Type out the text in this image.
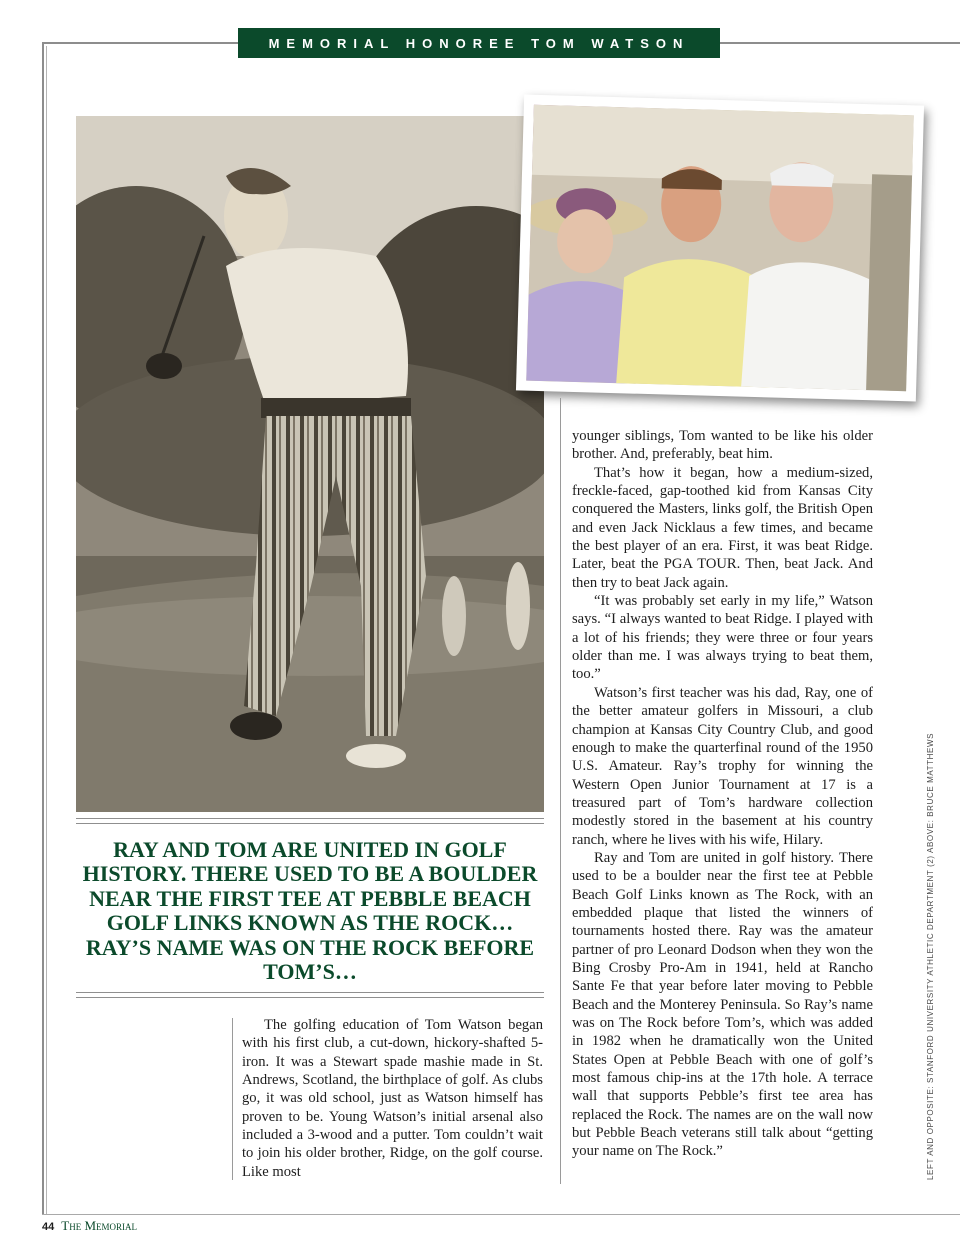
MEMORIAL HONOREE TOM WATSON

RAY AND TOM ARE UNITED IN GOLF HISTORY. THERE USED TO BE A BOULDER NEAR THE FIRST TEE AT PEBBLE BEACH GOLF LINKS KNOWN AS THE ROCK… RAY’S NAME WAS ON THE ROCK BEFORE TOM’S…

The golfing education of Tom Watson began with his first club, a cut-down, hickory-shafted 5-iron. It was a Stewart spade mashie made in St. Andrews, Scotland, the birthplace of golf. As clubs go, it was old school, just as Watson himself has proven to be. Young Watson’s initial arsenal also included a 3-wood and a putter. Tom couldn’t wait to join his older brother, Ridge, on the golf course. Like most

younger siblings, Tom wanted to be like his older brother. And, preferably, beat him.
That’s how it began, how a medium-sized, freckle-faced, gap-toothed kid from Kansas City conquered the Masters, links golf, the British Open and even Jack Nicklaus a few times, and became the best player of an era. First, it was beat Ridge. Later, beat the PGA TOUR. Then, beat Jack. And then try to beat Jack again.
“It was probably set early in my life,” Watson says. “I always wanted to beat Ridge. I played with a lot of his friends; they were three or four years older than me. I was always trying to beat them, too.”
Watson’s first teacher was his dad, Ray, one of the better amateur golfers in Missouri, a club champion at Kansas City Country Club, and good enough to make the quarterfinal round of the 1950 U.S. Amateur. Ray’s trophy for winning the Western Open Junior Tournament at 17 is a treasured part of Tom’s hardware collection modestly stored in the basement at his country ranch, where he lives with his wife, Hilary.
Ray and Tom are united in golf history. There used to be a boulder near the first tee at Pebble Beach Golf Links known as The Rock, with an embedded plaque that listed the winners of tournaments hosted there. Ray was the amateur partner of pro Leonard Dodson when they won the Bing Crosby Pro-Am in 1941, held at Rancho Sante Fe that year before later moving to Pebble Beach and the Monterey Peninsula. So Ray’s name was on The Rock before Tom’s, which was added in 1982 when he dramatically won the United States Open at Pebble Beach with one of golf’s most famous chip-ins at the 17th hole. A terrace wall that supports Pebble’s first tee area has replaced the Rock. The names are on the wall now but Pebble Beach veterans still talk about “getting your name on The Rock.”	LEFT AND OPPOSITE: STANFORD UNIVERSITY ATHLETIC DEPARTMENT (2) ABOVE: BRUCE MATTHEWS
44 The Memorial
